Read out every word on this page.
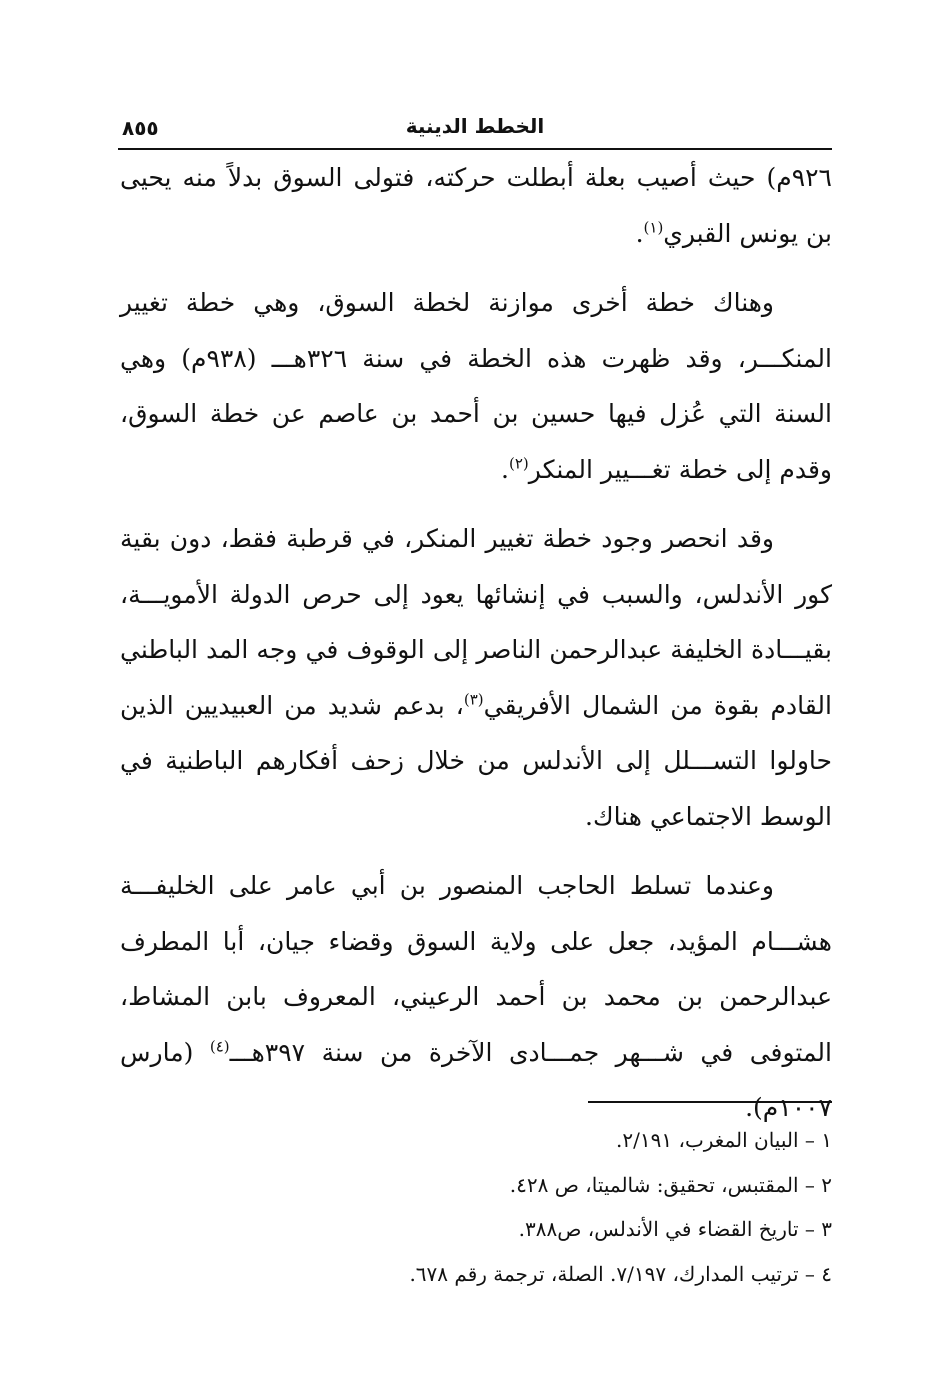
٨٥٥	الخطط الدينية

٩٢٦م) حيث أصيب بعلة أبطلت حركته، فتولى السوق بدلاً منه يحيى بن يونس القبري$^{(١)}$.

وهناك خطة أخرى موازنة لخطة السوق، وهي خطة تغيير المنكـــر، وقد ظهرت هذه الخطة في سنة ٣٢٦هـــ (٩٣٨م) وهي السنة التي عُزل فيها حسين بن أحمد بن عاصم عن خطة السوق، وقدم إلى خطة تغـــيير المنكر$^{(٢)}$.

وقد انحصر وجود خطة تغيير المنكر، في قرطبة فقط، دون بقية كور الأندلس، والسبب في إنشائها يعود إلى حرص الدولة الأمويـــة، بقيـــادة الخليفة عبدالرحمن الناصر إلى الوقوف في وجه المد الباطني القادم بقوة من الشمال الأفريقي$^{(٣)}$، بدعم شديد من العبيديين الذين حاولوا التســـلل إلى الأندلس من خلال زحف أفكارهم الباطنية في الوسط الاجتماعي هناك.

وعندما تسلط الحاجب المنصور بن أبي عامر على الخليفـــة هشـــام المؤيد، جعل على ولاية السوق وقضاء جيان، أبا المطرف عبدالرحمن بن محمد بن أحمد الرعيني، المعروف بابن المشاط، المتوفى في شـــهر جمـــادى الآخرة من سنة ٣٩٧هـــ$^{(٤)}$ (مارس ١٠٠٧م).

١ – البيان المغرب، ٢/١٩١.

٢ – المقتبس، تحقيق: شالميتا، ص ٤٢٨.

٣ – تاريخ القضاء في الأندلس، ص٣٨٨.

٤ – ترتيب المدارك، ٧/١٩٧. الصلة، ترجمة رقم ٦٧٨.
